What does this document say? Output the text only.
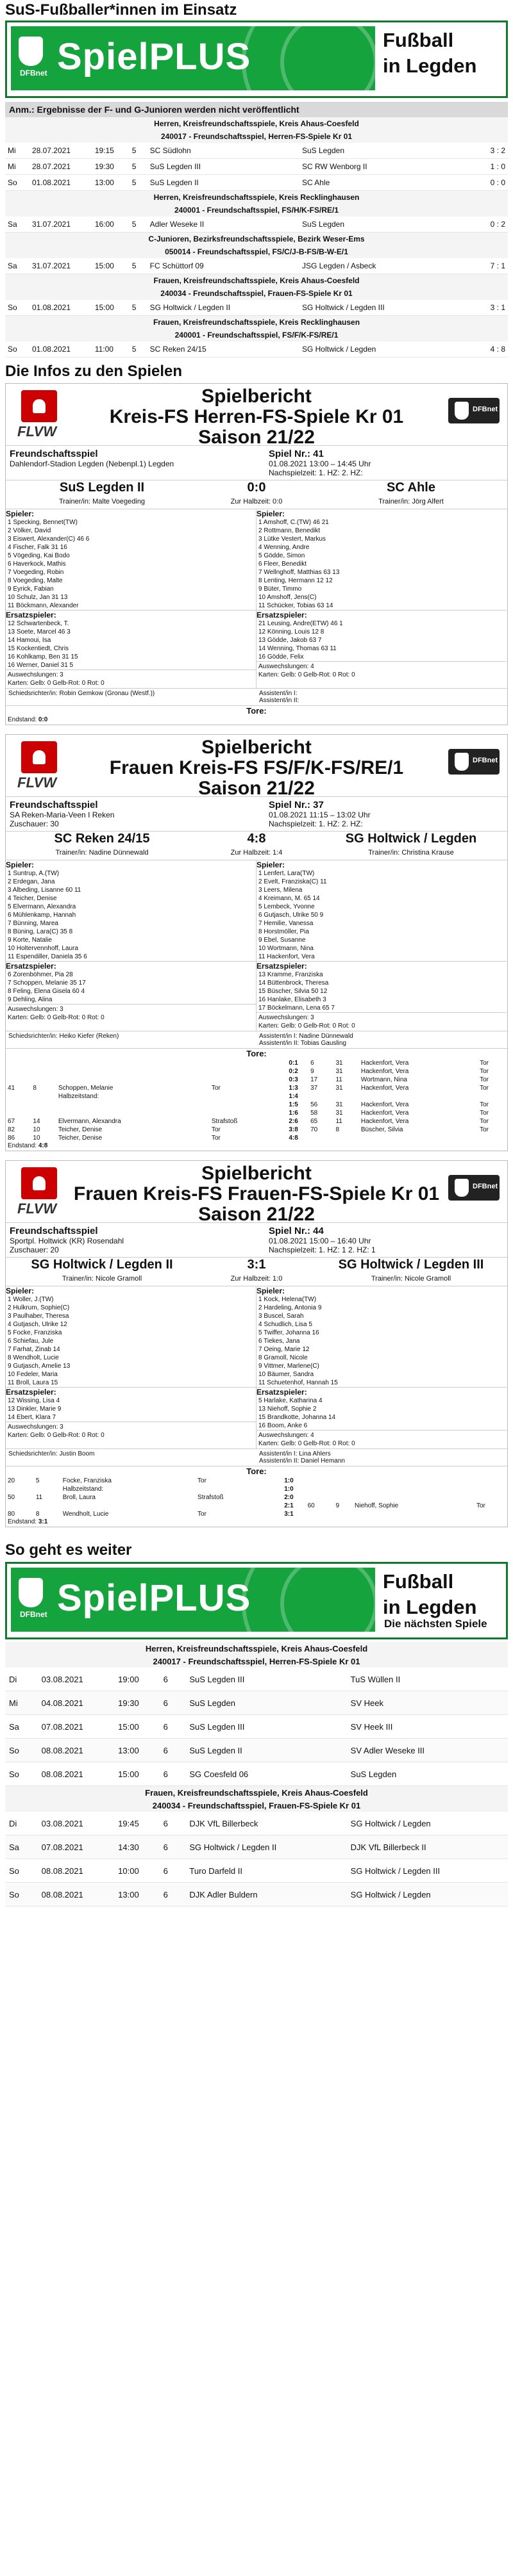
SuS-Fußballer*innen im Einsatz
DFBnet SpielPLUS	Fußball
in Legden
Anm.: Ergebnisse der F- und G-Junioren werden nicht veröffentlicht
Herren, Kreisfreundschaftsspiele, Kreis Ahaus-Coesfeld						
240017 - Freundschaftsspiel, Herren-FS-Spiele Kr 01						
Mi	28.07.2021	19:15	5	SC Südlohn	SuS Legden	3 : 2
Mi	28.07.2021	19:30	5	SuS Legden III	SC RW Wenborg II	1 : 0
So	01.08.2021	13:00	5	SuS Legden II	SC Ahle	0 : 0
Herren, Kreisfreundschaftsspiele, Kreis Recklinghausen						
240001 - Freundschaftsspiel, FS/H/K-FS/RE/1						
Sa	31.07.2021	16:00	5	Adler Weseke II	SuS Legden	0 : 2
C-Junioren, Bezirksfreundschaftsspiele, Bezirk Weser-Ems						
050014 - Freundschaftsspiel, FS/C/J-B-FS/B-W-E/1						
Sa	31.07.2021	15:00	5	FC Schüttorf 09	JSG Legden / Asbeck	7 : 1
Frauen, Kreisfreundschaftsspiele, Kreis Ahaus-Coesfeld						
240034 - Freundschaftsspiel, Frauen-FS-Spiele Kr 01						
So	01.08.2021	15:00	5	SG Holtwick / Legden II	SG Holtwick / Legden III	3 : 1
Frauen, Kreisfreundschaftsspiele, Kreis Recklinghausen						
240001 - Freundschaftsspiel, FS/F/K-FS/RE/1						
So	01.08.2021	11:00	5	SC Reken 24/15	SG Holtwick / Legden	4 : 8
Die Infos zu den Spielen
FLVW
Spielbericht
Kreis-FS Herren-FS-Spiele Kr 01
Saison 21/22
DFBnet
Freundschaftsspiel
Dahlendorf-Stadion Legden (Nebenpl.1) Legden
Spiel Nr.: 41
01.08.2021 13:00 – 14:45 Uhr
Nachspielzeit: 1. HZ: 2. HZ:
SuS Legden II
Trainer/in: Malte Voegeding
0:0
Zur Halbzeit: 0:0
SC Ahle
Trainer/in: Jörg Alfert
Spieler:
1 Specking, Bennet(TW)
2 Völker, David
3 Eiswert, Alexander(C) 46 6
4 Fischer, Falk 31 16
5 Vögeding, Kai Bodo
6 Haverkock, Mathis
7 Voegeding, Robin
8 Voegeding, Malte
9 Eyrick, Fabian
10 Schulz, Jan 31 13
11 Böckmann, Alexander
Ersatzspieler:
12 Schwartenbeck, T.
13 Soete, Marcel 46 3
14 Hamoui, Isa
15 Kockentiedt, Chris
16 Kohlkamp, Ben 31 15
16 Werner, Daniel 31 5
Auswechslungen: 3
Karten: Gelb: 0 Gelb-Rot: 0 Rot: 0
Spieler:
1 Amshoff, C.(TW) 46 21
2 Rottmann, Benedikt
3 Lütke Vestert, Markus
4 Wenning, Andre
5 Gödde, Simon
6 Fleer, Benedikt
7 Wellnghoff, Matthias 63 13
8 Lenting, Hermann 12 12
9 Büter, Timmo
10 Amshoff, Jens(C)
11 Schücker, Tobias 63 14
Ersatzspieler:
21 Leusing, Andre(ETW) 46 1
12 Könning, Louis 12 8
13 Gödde, Jakob 63 7
14 Wenning, Thomas 63 11
16 Gödde, Felix
Auswechslungen: 4
Karten: Gelb: 0 Gelb-Rot: 0 Rot: 0
Schiedsrichter/in: Robin Gemkow (Gronau (Westf.))	Assistent/in I:
Assistent/in II:
Tore:
Endstand: 0:0
FLVW
Spielbericht
Frauen Kreis-FS FS/F/K-FS/RE/1
Saison 21/22
DFBnet
Freundschaftsspiel
SA Reken-Maria-Veen I Reken
Zuschauer: 30
Spiel Nr.: 37
01.08.2021 11:15 – 13:02 Uhr
Nachspielzeit: 1. HZ: 2. HZ:
SC Reken 24/15
Trainer/in: Nadine Dünnewald
4:8
Zur Halbzeit: 1:4
SG Holtwick / Legden
Trainer/in: Christina Krause
Spieler:
1 Suntrup, A.(TW)
2 Erdegan, Jana
3 Albeding, Lisanne 60 11
4 Teicher, Denise
5 Elvermann, Alexandra
6 Mühlenkamp, Hannah
7 Bünning, Marea
8 Büning, Lara(C) 35 8
9 Korte, Natalie
10 Holtervennhoff, Laura
11 Espendiller, Daniela 35 6
Ersatzspieler:
6 Zorenböhmer, Pia 28
7 Schoppen, Melanie 35 17
8 Feling, Elena Gisela 60 4
9 Dehling, Alina
Auswechslungen: 3
Karten: Gelb: 0 Gelb-Rot: 0 Rot: 0
Spieler:
1 Lenfert, Lara(TW)
2 Evelt, Franziska(C) 11
3 Leers, Milena
4 Kreimann, M. 65 14
5 Lembeck, Yvonne
6 Gutjasch, Ulrike 50 9
7 Hemilie, Vanessa
8 Horstmöller, Pia
9 Ebel, Susanne
10 Wortmann, Nina
11 Hackenfort, Vera
Ersatzspieler:
13 Kramme, Franziska
14 Büttenbrock, Theresa
15 Büscher, Silvia 50 12
16 Hanlake, Elisabeth 3
17 Böckelmann, Lena 65 7
Auswechslungen: 3
Karten: Gelb: 0 Gelb-Rot: 0 Rot: 0
Schiedsrichter/in: Heiko Kiefer (Reken)	Assistent/in I: Nadine Dünnewald
Assistent/in II: Tobias Gausling
Tore:
				0:1	6	31	Hackenfort, Vera	Tor
				0:2	9	31	Hackenfort, Vera	Tor
				0:3	17	11	Wortmann, Nina	Tor
41	8	Schoppen, Melanie	Tor	1:3	37	31	Hackenfort, Vera	Tor
		Halbzeitstand:		1:4				
				1:5	56	31	Hackenfort, Vera	Tor
				1:6	58	31	Hackenfort, Vera	Tor
67	14	Elvermann, Alexandra	Strafstoß	2:6	65	11	Hackenfort, Vera	Tor
82	10	Teicher, Denise	Tor	3:8	70	8	Büscher, Silvia	Tor
86	10	Teicher, Denise	Tor	4:8				
Endstand: 4:8
FLVW
Spielbericht
Frauen Kreis-FS Frauen-FS-Spiele Kr 01
Saison 21/22
DFBnet
Freundschaftsspiel
Sportpl. Holtwick (KR) Rosendahl
Zuschauer: 20
Spiel Nr.: 44
01.08.2021 15:00 – 16:40 Uhr
Nachspielzeit: 1. HZ: 1 2. HZ: 1
SG Holtwick / Legden II
Trainer/in: Nicole Gramoll
3:1
Zur Halbzeit: 1:0
SG Holtwick / Legden III
Trainer/in: Nicole Gramoll
Spieler:
1 Woller, J.(TW)
2 Hulkrum, Sophie(C)
3 Paulhaber, Theresa
4 Gutjasch, Ulrike 12
5 Focke, Franziska
6 Schiefau, Jule
7 Farhat, Zinab 14
8 Wendholt, Lucie
9 Gutjasch, Amelie 13
10 Fedeler, Maria
11 Broll, Laura 15
Ersatzspieler:
12 Wissing, Lisa 4
13 Dinkler, Marie 9
14 Ebert, Klara 7
Auswechslungen: 3
Karten: Gelb: 0 Gelb-Rot: 0 Rot: 0
Spieler:
1 Kock, Helena(TW)
2 Hardeling, Antonia 9
3 Buscel, Sarah
4 Schudlich, Lisa 5
5 Twiffer, Johanna 16
6 Tiekes, Jana
7 Oeing, Marie 12
8 Gramoll, Nicole
9 Vittmer, Marlene(C)
10 Bäumer, Sandra
11 Schuetenhof, Hannah 15
Ersatzspieler:
5 Harlake, Katharina 4
13 Niehoff, Sophie 2
15 Brandkotte, Johanna 14
16 Boom, Anke 6
Auswechslungen: 4
Karten: Gelb: 0 Gelb-Rot: 0 Rot: 0
Schiedsrichter/in: Justin Boom	Assistent/in I: Lina Ahlers
Assistent/in II: Daniel Hemann
Tore:
20	5	Focke, Franziska	Tor	1:0				
		Halbzeitstand:		1:0				
50	11	Broll, Laura	Strafstoß	2:0				
				2:1	60	9	Niehoff, Sophie	Tor
80	8	Wendholt, Lucie	Tor	3:1				
Endstand: 3:1
So geht es weiter
DFBnet SpielPLUS	Fußball
in Legden
Die nächsten Spiele
Herren, Kreisfreundschaftsspiele, Kreis Ahaus-Coesfeld					
240017 - Freundschaftsspiel, Herren-FS-Spiele Kr 01					
Di	03.08.2021	19:00	6	SuS Legden III	TuS Wüllen II
Mi	04.08.2021	19:30	6	SuS Legden	SV Heek
Sa	07.08.2021	15:00	6	SuS Legden III	SV Heek III
So	08.08.2021	13:00	6	SuS Legden II	SV Adler Weseke III
So	08.08.2021	15:00	6	SG Coesfeld 06	SuS Legden
Frauen, Kreisfreundschaftsspiele, Kreis Ahaus-Coesfeld					
240034 - Freundschaftsspiel, Frauen-FS-Spiele Kr 01					
Di	03.08.2021	19:45	6	DJK VfL Billerbeck	SG Holtwick / Legden
Sa	07.08.2021	14:30	6	SG Holtwick / Legden II	DJK VfL Billerbeck II
So	08.08.2021	10:00	6	Turo Darfeld II	SG Holtwick / Legden III
So	08.08.2021	13:00	6	DJK Adler Buldern	SG Holtwick / Legden
